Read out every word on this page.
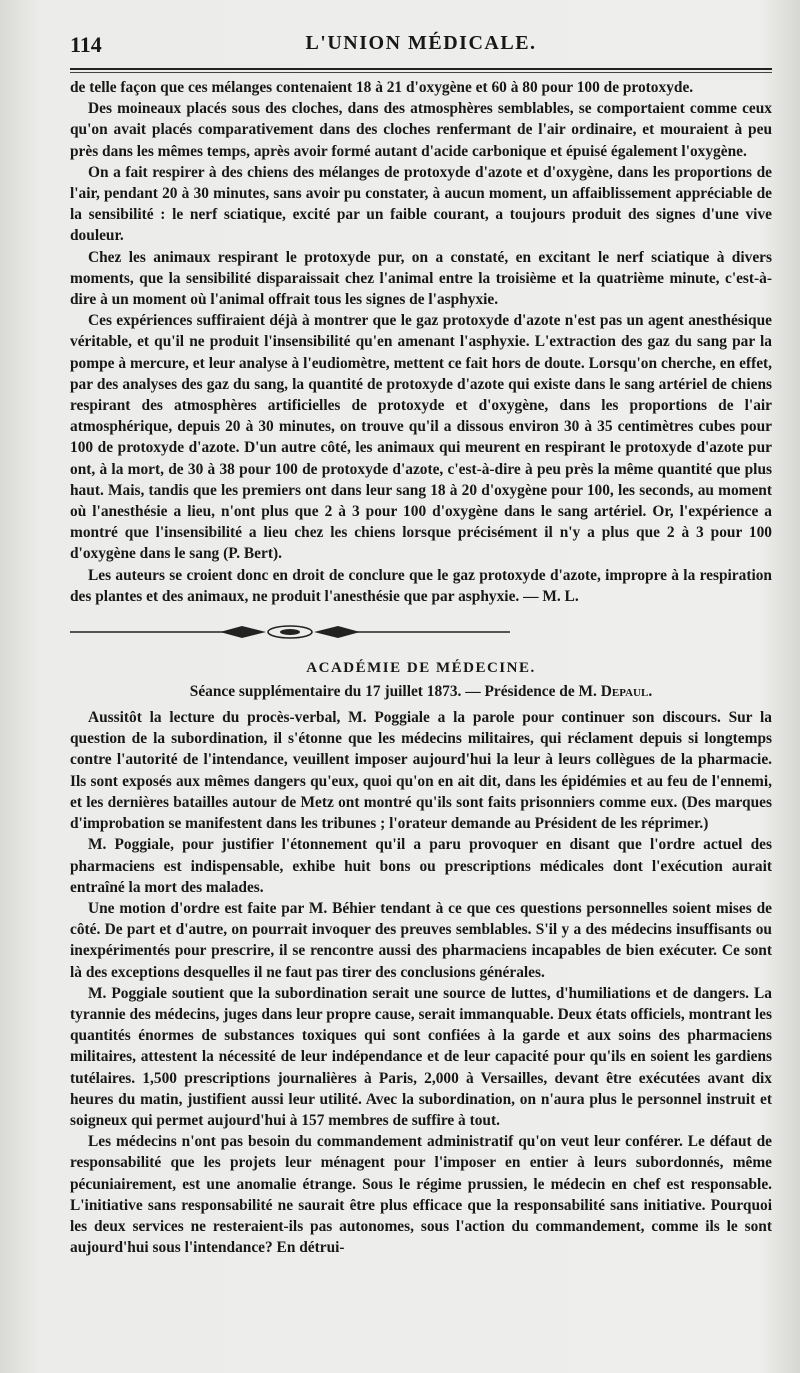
114	L'UNION MÉDICALE.

de telle façon que ces mélanges contenaient 18 à 21 d'oxygène et 60 à 80 pour 100 de protoxyde.

Des moineaux placés sous des cloches, dans des atmosphères semblables, se comportaient comme ceux qu'on avait placés comparativement dans des cloches renfermant de l'air ordinaire, et mouraient à peu près dans les mêmes temps, après avoir formé autant d'acide carbonique et épuisé également l'oxygène.

On a fait respirer à des chiens des mélanges de protoxyde d'azote et d'oxygène, dans les proportions de l'air, pendant 20 à 30 minutes, sans avoir pu constater, à aucun moment, un affaiblissement appréciable de la sensibilité : le nerf sciatique, excité par un faible courant, a toujours produit des signes d'une vive douleur.

Chez les animaux respirant le protoxyde pur, on a constaté, en excitant le nerf sciatique à divers moments, que la sensibilité disparaissait chez l'animal entre la troisième et la quatrième minute, c'est-à-dire à un moment où l'animal offrait tous les signes de l'asphyxie.

Ces expériences suffiraient déjà à montrer que le gaz protoxyde d'azote n'est pas un agent anesthésique véritable, et qu'il ne produit l'insensibilité qu'en amenant l'asphyxie. L'extraction des gaz du sang par la pompe à mercure, et leur analyse à l'eudiomètre, mettent ce fait hors de doute. Lorsqu'on cherche, en effet, par des analyses des gaz du sang, la quantité de protoxyde d'azote qui existe dans le sang artériel de chiens respirant des atmosphères artificielles de protoxyde et d'oxygène, dans les proportions de l'air atmosphérique, depuis 20 à 30 minutes, on trouve qu'il a dissous environ 30 à 35 centimètres cubes pour 100 de protoxyde d'azote. D'un autre côté, les animaux qui meurent en respirant le protoxyde d'azote pur ont, à la mort, de 30 à 38 pour 100 de protoxyde d'azote, c'est-à-dire à peu près la même quantité que plus haut. Mais, tandis que les premiers ont dans leur sang 18 à 20 d'oxygène pour 100, les seconds, au moment où l'anesthésie a lieu, n'ont plus que 2 à 3 pour 100 d'oxygène dans le sang artériel. Or, l'expérience a montré que l'insensibilité a lieu chez les chiens lorsque précisément il n'y a plus que 2 à 3 pour 100 d'oxygène dans le sang (P. Bert).

Les auteurs se croient donc en droit de conclure que le gaz protoxyde d'azote, impropre à la respiration des plantes et des animaux, ne produit l'anesthésie que par asphyxie. — M. L.

ACADÉMIE DE MÉDECINE.
Séance supplémentaire du 17 juillet 1873. — Présidence de M. Depaul.

Aussitôt la lecture du procès-verbal, M. Poggiale a la parole pour continuer son discours. Sur la question de la subordination, il s'étonne que les médecins militaires, qui réclament depuis si longtemps contre l'autorité de l'intendance, veuillent imposer aujourd'hui la leur à leurs collègues de la pharmacie. Ils sont exposés aux mêmes dangers qu'eux, quoi qu'on en ait dit, dans les épidémies et au feu de l'ennemi, et les dernières batailles autour de Metz ont montré qu'ils sont faits prisonniers comme eux. (Des marques d'improbation se manifestent dans les tribunes ; l'orateur demande au Président de les réprimer.)

M. Poggiale, pour justifier l'étonnement qu'il a paru provoquer en disant que l'ordre actuel des pharmaciens est indispensable, exhibe huit bons ou prescriptions médicales dont l'exécution aurait entraîné la mort des malades.

Une motion d'ordre est faite par M. Béhier tendant à ce que ces questions personnelles soient mises de côté. De part et d'autre, on pourrait invoquer des preuves semblables. S'il y a des médecins insuffisants ou inexpérimentés pour prescrire, il se rencontre aussi des pharmaciens incapables de bien exécuter. Ce sont là des exceptions desquelles il ne faut pas tirer des conclusions générales.

M. Poggiale soutient que la subordination serait une source de luttes, d'humiliations et de dangers. La tyrannie des médecins, juges dans leur propre cause, serait immanquable. Deux états officiels, montrant les quantités énormes de substances toxiques qui sont confiées à la garde et aux soins des pharmaciens militaires, attestent la nécessité de leur indépendance et de leur capacité pour qu'ils en soient les gardiens tutélaires. 1,500 prescriptions journalières à Paris, 2,000 à Versailles, devant être exécutées avant dix heures du matin, justifient aussi leur utilité. Avec la subordination, on n'aura plus le personnel instruit et soigneux qui permet aujourd'hui à 157 membres de suffire à tout.

Les médecins n'ont pas besoin du commandement administratif qu'on veut leur conférer. Le défaut de responsabilité que les projets leur ménagent pour l'imposer en entier à leurs subordonnés, même pécuniairement, est une anomalie étrange. Sous le régime prussien, le médecin en chef est responsable. L'initiative sans responsabilité ne saurait être plus efficace que la responsabilité sans initiative. Pourquoi les deux services ne resteraient-ils pas autonomes, sous l'action du commandement, comme ils le sont aujourd'hui sous l'intendance? En détrui-
